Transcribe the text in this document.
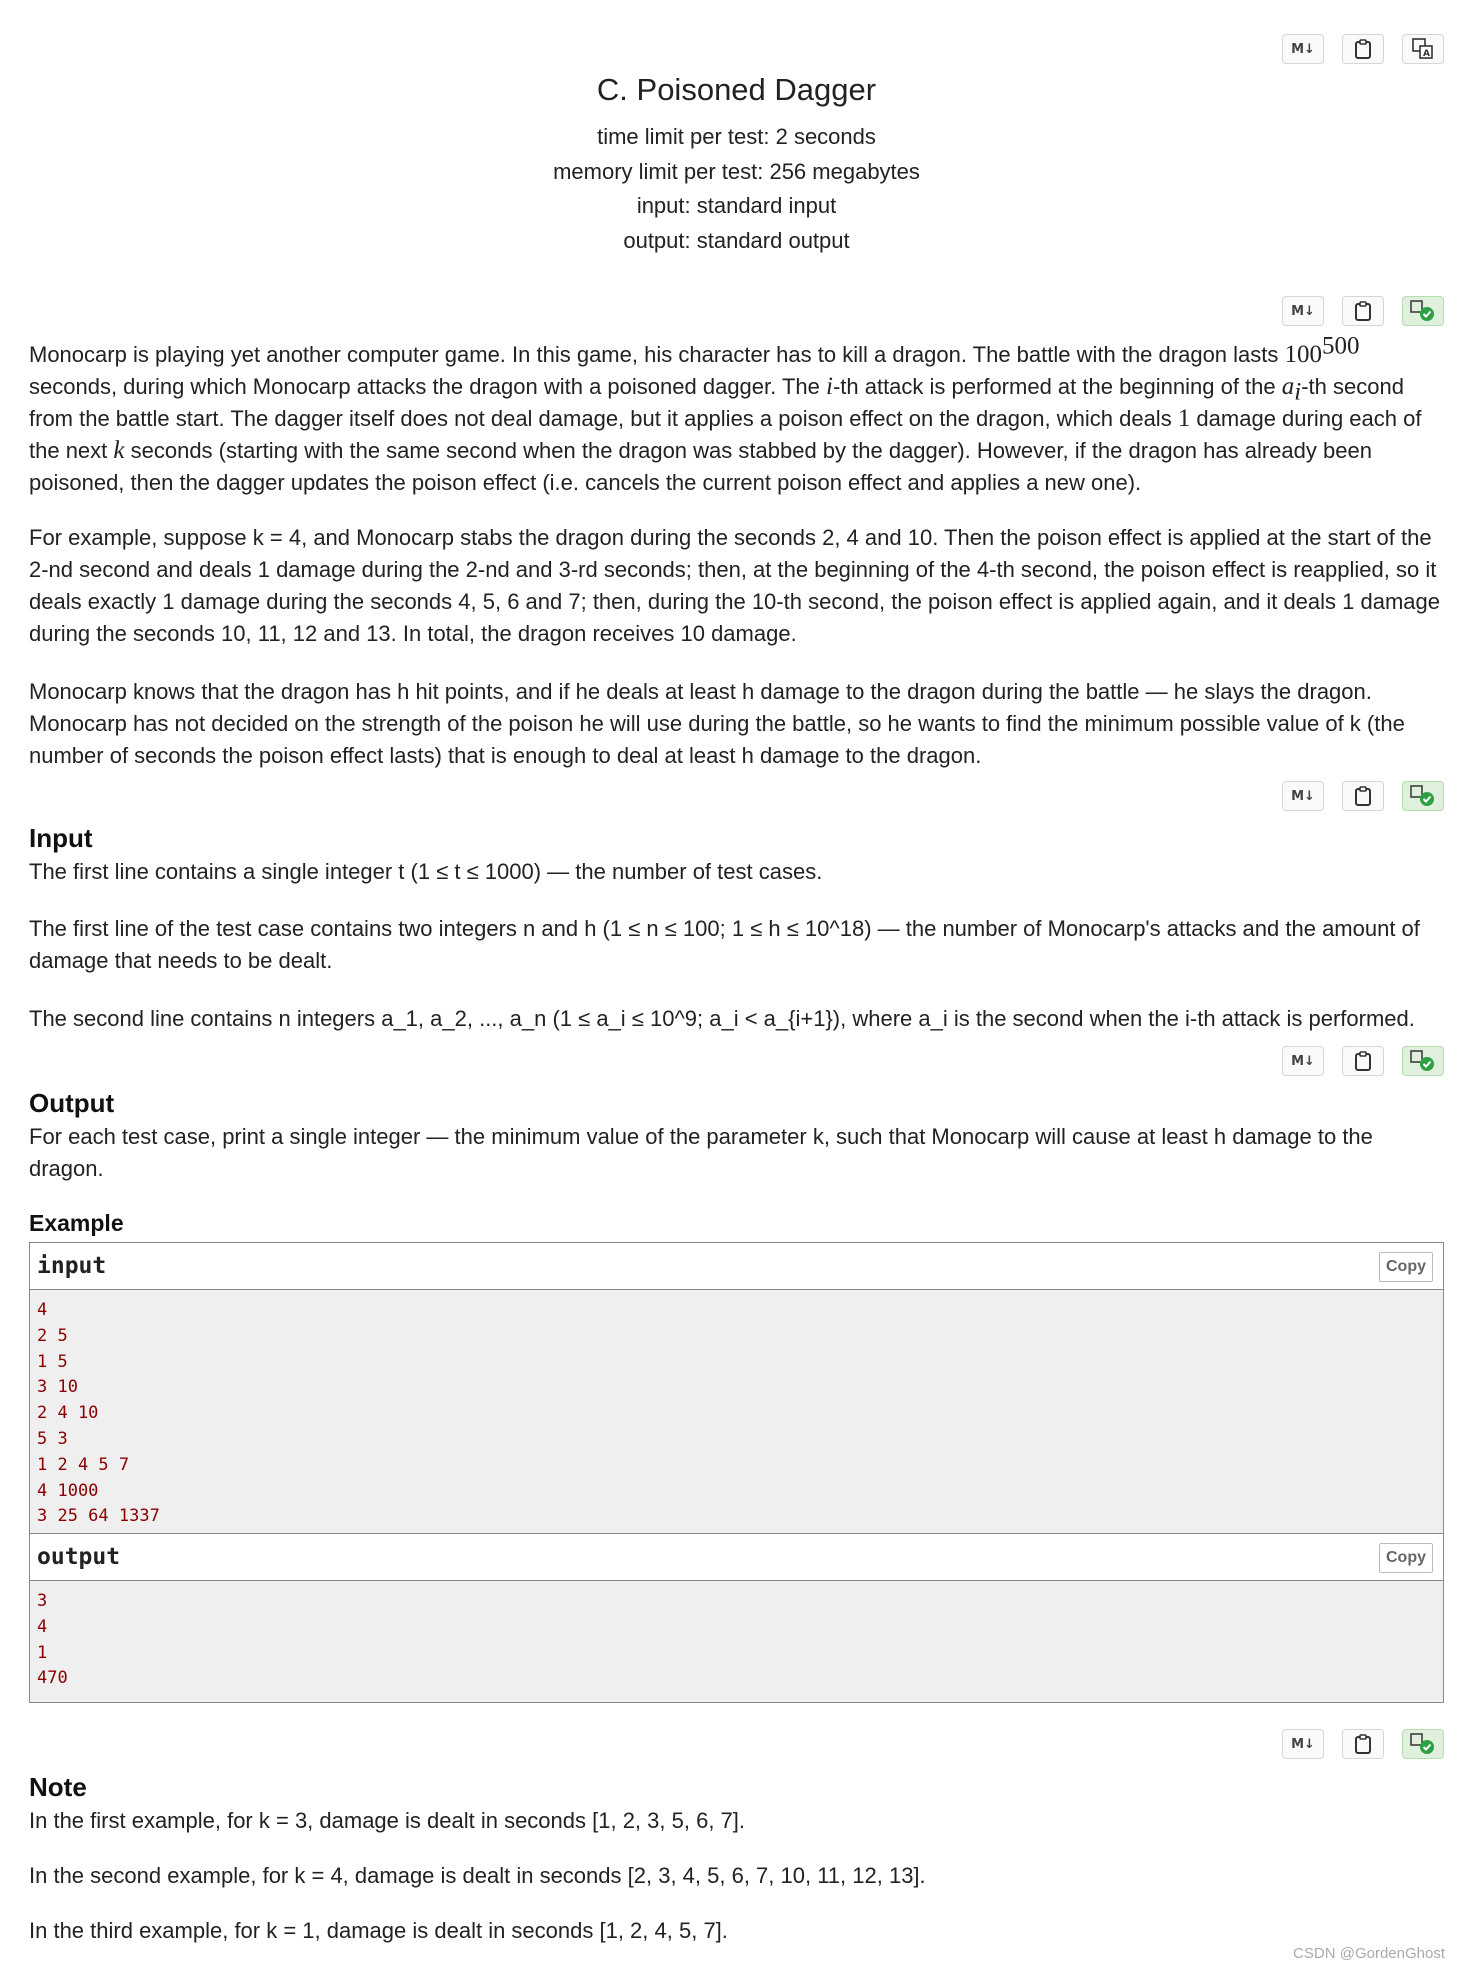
M↓	A
C. Poisoned Dagger
time limit per test: 2 seconds
memory limit per test: 256 megabytes
input: standard input
output: standard output
M↓

Monocarp is playing yet another computer game. In this game, his character has to kill a dragon. The battle with the dragon lasts $100^{500}$ seconds, during which Monocarp attacks the dragon with a poisoned dagger. The i-th attack is performed at the beginning of the $a_i-th$ second from the battle start. The dagger itself does not deal damage, but it applies a poison effect on the dragon, which deals 1 damage during each of the next k seconds (starting with the same second when the dragon was stabbed by the dagger). However, if the dragon has already been poisoned, then the dagger updates the poison effect (i.e. cancels the current poison effect and applies a new one).

For example, suppose k = 4, and Monocarp stabs the dragon during the seconds 2, 4 and 10. Then the poison effect is applied at the start of the 2-nd second and deals 1 damage during the 2-nd and 3-rd seconds; then, at the beginning of the 4-th second, the poison effect is reapplied, so it deals exactly 1 damage during the seconds 4, 5, 6 and 7; then, during the 10-th second, the poison effect is applied again, and it deals 1 damage during the seconds 10, 11, 12 and 13. In total, the dragon receives 10 damage.
Monocarp knows that the dragon has h hit points, and if he deals at least h damage to the dragon during the battle — he slays the dragon. Monocarp has not decided on the strength of the poison he will use during the battle, so he wants to find the minimum possible value of k (the number of seconds the poison effect lasts) that is enough to deal at least h damage to the dragon.
M↓
Input
The first line contains a single integer t (1 ≤ t ≤ 1000) — the number of test cases.
The first line of the test case contains two integers n and h (1 ≤ n ≤ 100; 1 ≤ h ≤ 10^18) — the number of Monocarp's attacks and the amount of damage that needs to be dealt.
The second line contains n integers a_1, a_2, ..., a_n (1 ≤ a_i ≤ 10^9; a_i < a_{i+1}), where a_i is the second when the i-th attack is performed.
M↓
Output
For each test case, print a single integer — the minimum value of the parameter k, such that Monocarp will cause at least h damage to the dragon.
Example
input	Copy
4
2 5
1 5
3 10
2 4 10
5 3
1 2 4 5 7
4 1000
3 25 64 1337
output	Copy
3
4
1
470
M↓
Note
In the first example, for k = 3, damage is dealt in seconds [1, 2, 3, 5, 6, 7].
In the second example, for k = 4, damage is dealt in seconds [2, 3, 4, 5, 6, 7, 10, 11, 12, 13].
In the third example, for k = 1, damage is dealt in seconds [1, 2, 4, 5, 7].
CSDN @GordenGhost
